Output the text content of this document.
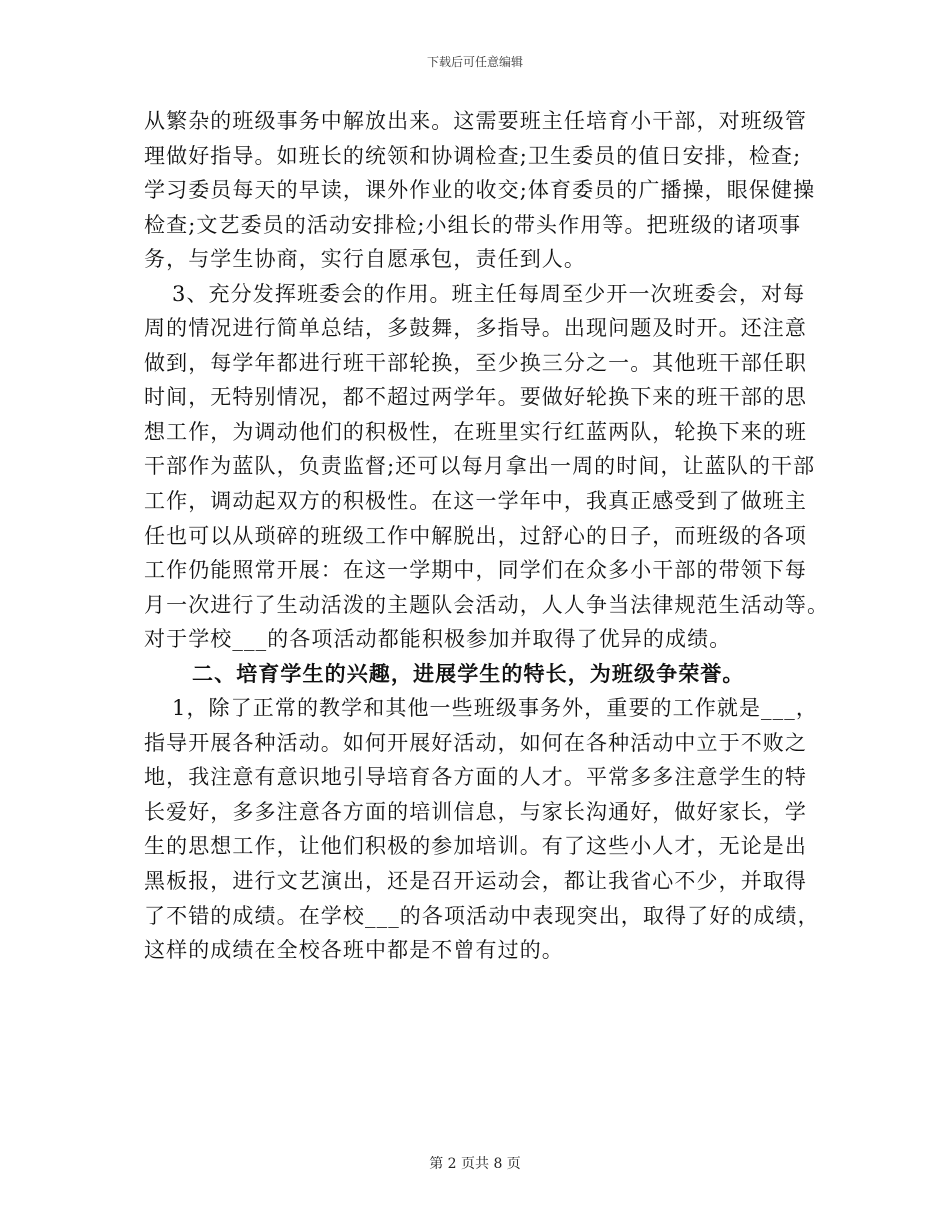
下载后可任意编辑
从繁杂的班级事务中解放出来。这需要班主任培育小干部，对班级管
理做好指导。如班长的统领和协调检查;卫生委员的值日安排，检查;
学习委员每天的早读，课外作业的收交;体育委员的广播操，眼保健操
检查;文艺委员的活动安排检;小组长的带头作用等。把班级的诸项事
务，与学生协商，实行自愿承包，责任到人。
3、充分发挥班委会的作用。班主任每周至少开一次班委会，对每
周的情况进行简单总结，多鼓舞，多指导。出现问题及时开。还注意
做到，每学年都进行班干部轮换，至少换三分之一。其他班干部任职
时间，无特别情况，都不超过两学年。要做好轮换下来的班干部的思
想工作，为调动他们的积极性，在班里实行红蓝两队，轮换下来的班
干部作为蓝队，负责监督;还可以每月拿出一周的时间，让蓝队的干部
工作，调动起双方的积极性。在这一学年中，我真正感受到了做班主
任也可以从琐碎的班级工作中解脱出，过舒心的日子，而班级的各项
工作仍能照常开展：在这一学期中，同学们在众多小干部的带领下每
月一次进行了生动活泼的主题队会活动，人人争当法律规范生活动等。
对于学校___的各项活动都能积极参加并取得了优异的成绩。
二、培育学生的兴趣，进展学生的特长，为班级争荣誉。
1，除了正常的教学和其他一些班级事务外，重要的工作就是___，
指导开展各种活动。如何开展好活动，如何在各种活动中立于不败之
地，我注意有意识地引导培育各方面的人才。平常多多注意学生的特
长爱好，多多注意各方面的培训信息，与家长沟通好，做好家长，学
生的思想工作，让他们积极的参加培训。有了这些小人才，无论是出
黑板报，进行文艺演出，还是召开运动会，都让我省心不少，并取得
了不错的成绩。在学校___的各项活动中表现突出，取得了好的成绩，
这样的成绩在全校各班中都是不曾有过的。
第 2 页共 8 页
